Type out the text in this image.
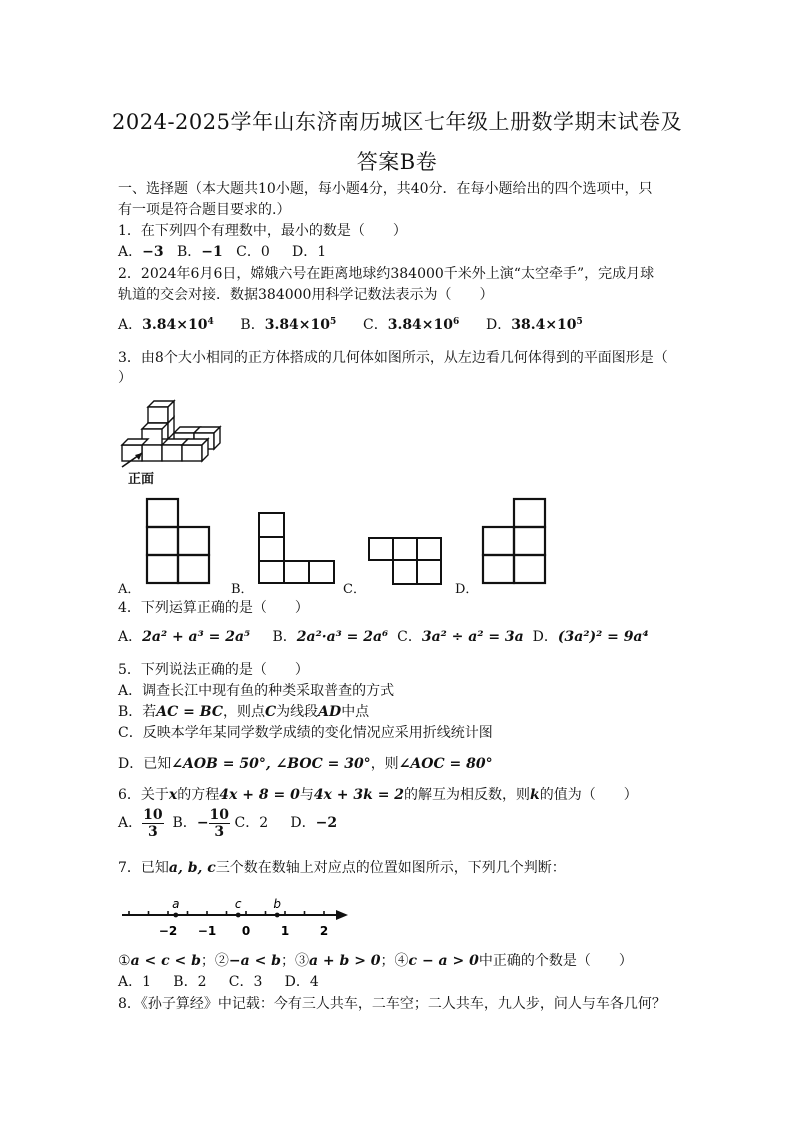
2024-2025学年山东济南历城区七年级上册数学期末试卷及
答案B卷
一、选择题（本大题共10小题，每小题4分，共40分．在每小题给出的四个选项中，只
有一项是符合题目要求的.）
1．在下列四个有理数中，最小的数是（　　）
A．−3 B．−1 C．0 D．1
2．2024年6月6日，嫦娥六号在距离地球约384000千米外上演“太空牵手”，完成月球
轨道的交会对接．数据384000用科学记数法表示为（　　）
A．$3.84\times 10^4$ B．$3.84\times 10^5$ C．$3.84\times 10^6$ D．$38.4\times 10^5$
3．由8个大小相同的正方体搭成的几何体如图所示，从左边看几何体得到的平面图形是（
）
正面
A．	B．	C．	D．
4．下列运算正确的是（　　）
A．2a² + a³ = 2a⁵ B．2a²·a³ = 2a⁶ C．3a² ÷ a² = 3a D．(3a²)² = 9a⁴
5．下列说法正确的是（　　）
A．调查长江中现有鱼的种类采取普查的方式
B．若AC = BC，则点C为线段AD中点
C．反映本学年某同学数学成绩的变化情况应采用折线统计图
D．已知∠AOB = 50°, ∠BOC = 30°，则∠AOC = 80°
6．关于x的方程4x + 8 = 0与4x + 3k = 2的解互为相反数，则k的值为（　　）
A． $\frac{10}{3}$ B．− $\frac{10}{3}$ C．2 D．−2
7．已知a, b, c三个数在数轴上对应点的位置如图所示，下列几个判断：
−2 −1 0	1	2
a	c	b
①a < c < b；②−a < b；③a + b > 0；④c − a > 0中正确的个数是（　　）
A．1 B．2 C．3 D．4
8．《孙子算经》中记载：今有三人共车，二车空；二人共车，九人步，问人与车各几何？
